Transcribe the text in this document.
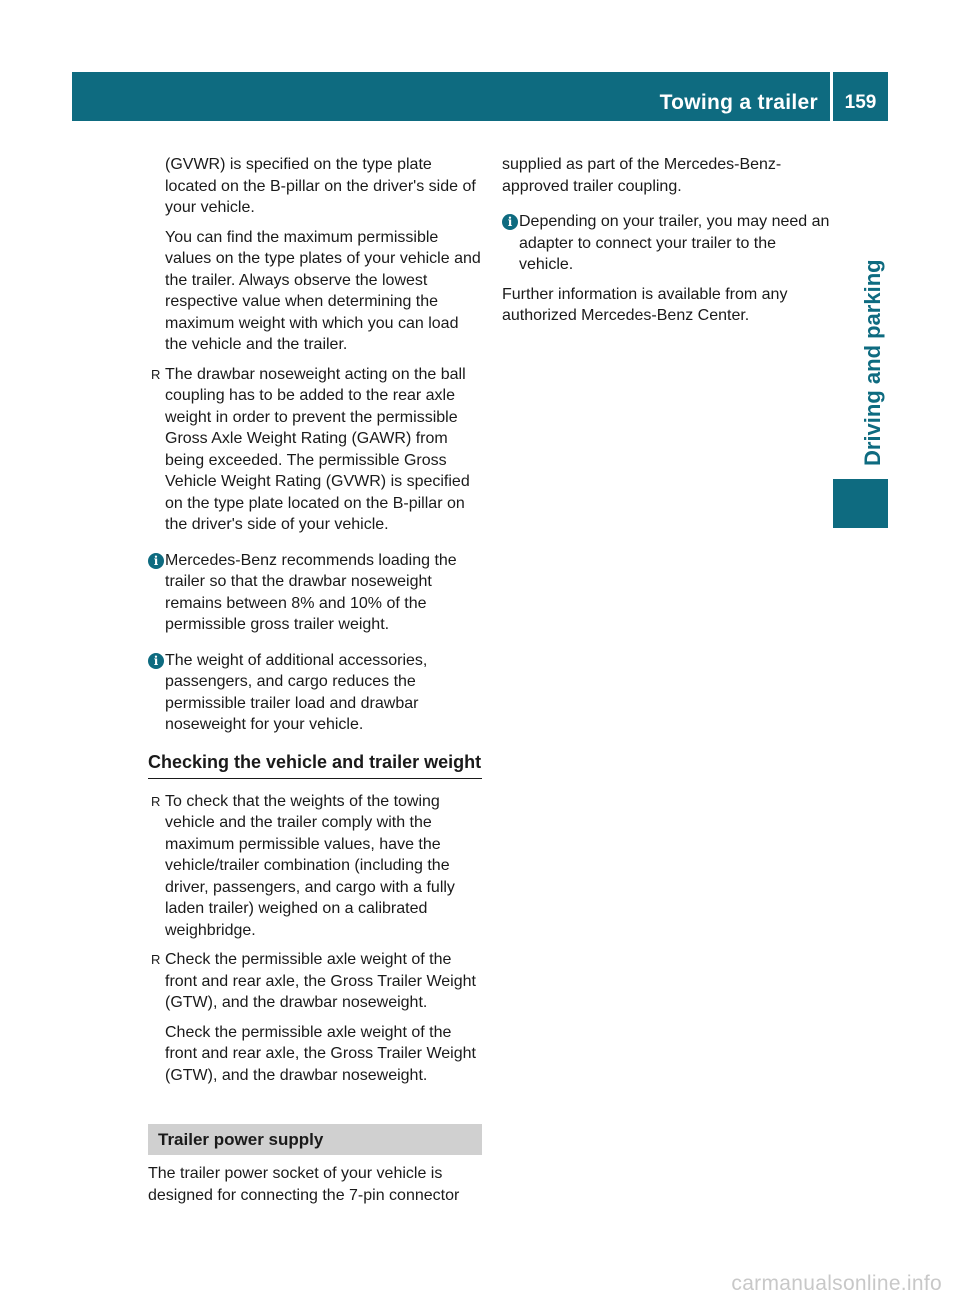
Towing a trailer	159
Driving and parking

(GVWR) is specified on the type plate located on the B-pillar on the driver's side of your vehicle.

You can find the maximum permissible values on the type plates of your vehicle and the trailer. Always observe the lowest respective value when determining the maximum weight with which you can load the vehicle and the trailer.

R The drawbar noseweight acting on the ball coupling has to be added to the rear axle weight in order to prevent the permissible Gross Axle Weight Rating (GAWR) from being exceeded. The permissible Gross Vehicle Weight Rating (GVWR) is specified on the type plate located on the B-pillar on the driver's side of your vehicle.
i Mercedes-Benz recommends loading the trailer so that the drawbar noseweight remains between 8% and 10% of the permissible gross trailer weight.
i The weight of additional accessories, passengers, and cargo reduces the permissible trailer load and drawbar noseweight for your vehicle.
Checking the vehicle and trailer weight
R To check that the weights of the towing vehicle and the trailer comply with the maximum permissible values, have the vehicle/trailer combination (including the driver, passengers, and cargo with a fully laden trailer) weighed on a calibrated weighbridge.
R Check the permissible axle weight of the front and rear axle, the Gross Trailer Weight (GTW), and the drawbar noseweight.

Check the permissible axle weight of the front and rear axle, the Gross Trailer Weight (GTW), and the drawbar noseweight.

Trailer power supply

The trailer power socket of your vehicle is designed for connecting the 7-pin connector

supplied as part of the Mercedes-Benz-approved trailer coupling.

i Depending on your trailer, you may need an adapter to connect your trailer to the vehicle.

Further information is available from any authorized Mercedes-Benz Center.

carmanualsonline.info
